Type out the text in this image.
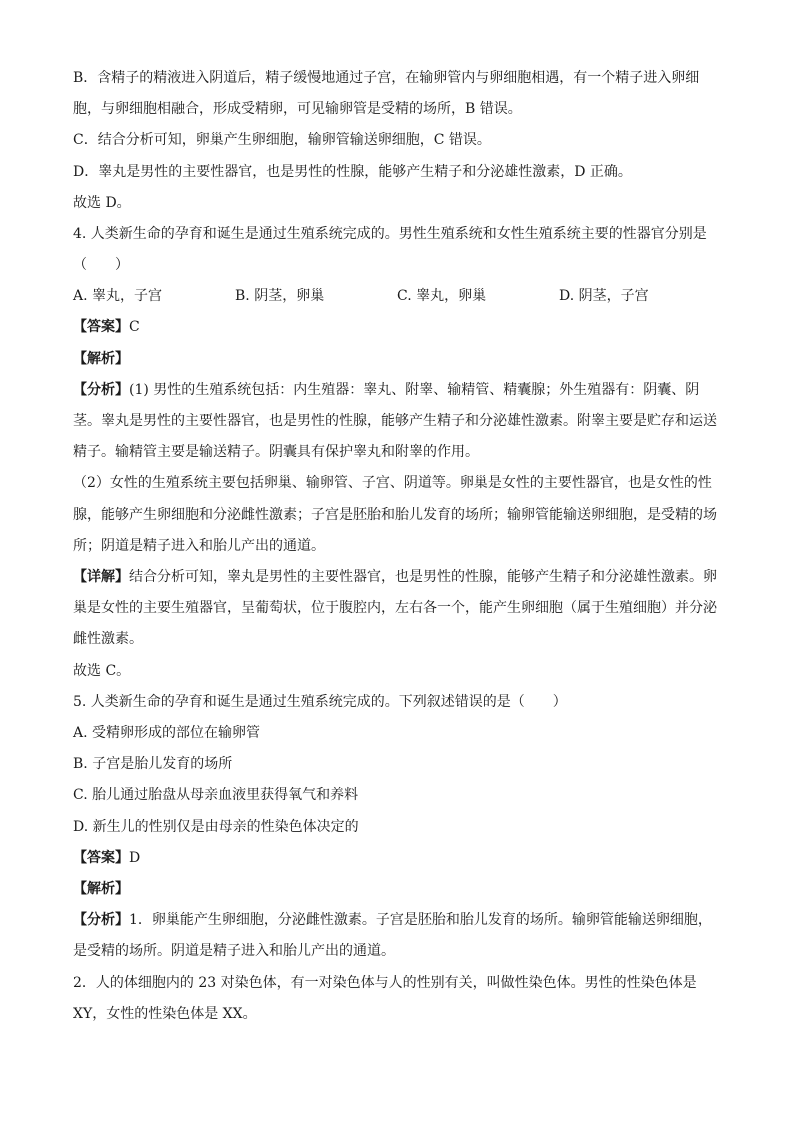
B．含精子的精液进入阴道后，精子缓慢地通过子宫，在输卵管内与卵细胞相遇，有一个精子进入卵细胞，与卵细胞相融合，形成受精卵，可见输卵管是受精的场所，B 错误。

C．结合分析可知，卵巢产生卵细胞，输卵管输送卵细胞，C 错误。

D．睾丸是男性的主要性器官，也是男性的性腺，能够产生精子和分泌雄性激素，D 正确。

故选 D。

4. 人类新生命的孕育和诞生是通过生殖系统完成的。男性生殖系统和女性生殖系统主要的性器官分别是（　　）

A. 睾丸，子宫	B. 阴茎，卵巢	C. 睾丸，卵巢	D. 阴茎，子宫

【答案】C

【解析】

【分析】(1) 男性的生殖系统包括：内生殖器：睾丸、附睾、输精管、精囊腺；外生殖器有：阴囊、阴茎。睾丸是男性的主要性器官，也是男性的性腺，能够产生精子和分泌雄性激素。附睾主要是贮存和运送精子。输精管主要是输送精子。阴囊具有保护睾丸和附睾的作用。

（2）女性的生殖系统主要包括卵巢、输卵管、子宫、阴道等。卵巢是女性的主要性器官，也是女性的性腺，能够产生卵细胞和分泌雌性激素；子宫是胚胎和胎儿发育的场所；输卵管能输送卵细胞，是受精的场所；阴道是精子进入和胎儿产出的通道。

【详解】结合分析可知，睾丸是男性的主要性器官，也是男性的性腺，能够产生精子和分泌雄性激素。卵巢是女性的主要生殖器官，呈葡萄状，位于腹腔内，左右各一个，能产生卵细胞（属于生殖细胞）并分泌雌性激素。

故选 C。

5. 人类新生命的孕育和诞生是通过生殖系统完成的。下列叙述错误的是（　　）

A. 受精卵形成的部位在输卵管

B. 子宫是胎儿发育的场所

C. 胎儿通过胎盘从母亲血液里获得氧气和养料

D. 新生儿的性别仅是由母亲的性染色体决定的

【答案】D

【解析】

【分析】1．卵巢能产生卵细胞，分泌雌性激素。子宫是胚胎和胎儿发育的场所。输卵管能输送卵细胞，是受精的场所。阴道是精子进入和胎儿产出的通道。

2．人的体细胞内的 23 对染色体，有一对染色体与人的性别有关，叫做性染色体。男性的性染色体是 XY，女性的性染色体是 XX。
